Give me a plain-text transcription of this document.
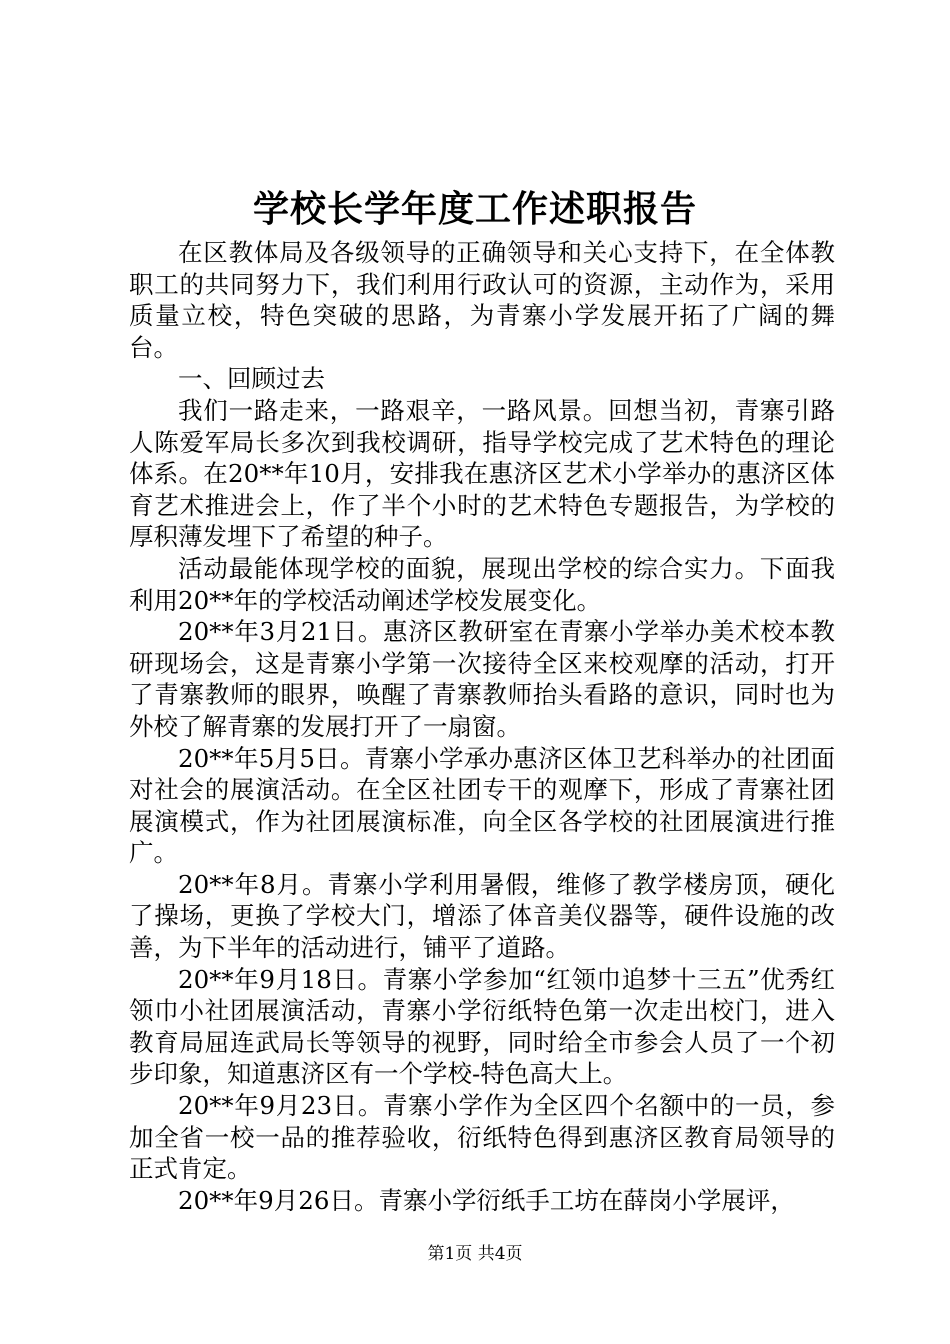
学校长学年度工作述职报告

在区教体局及各级领导的正确领导和关心支持下，在全体教职工的共同努力下，我们利用行政认可的资源，主动作为，采用质量立校，特色突破的思路，为青寨小学发展开拓了广阔的舞台。

一、回顾过去

我们一路走来，一路艰辛，一路风景。回想当初，青寨引路人陈爱军局长多次到我校调研，指导学校完成了艺术特色的理论体系。在20**年10月，安排我在惠济区艺术小学举办的惠济区体育艺术推进会上，作了半个小时的艺术特色专题报告，为学校的厚积薄发埋下了希望的种子。

活动最能体现学校的面貌，展现出学校的综合实力。下面我利用20**年的学校活动阐述学校发展变化。

20**年3月21日。惠济区教研室在青寨小学举办美术校本教研现场会，这是青寨小学第一次接待全区来校观摩的活动，打开了青寨教师的眼界，唤醒了青寨教师抬头看路的意识，同时也为外校了解青寨的发展打开了一扇窗。

20**年5月5日。青寨小学承办惠济区体卫艺科举办的社团面对社会的展演活动。在全区社团专干的观摩下，形成了青寨社团展演模式，作为社团展演标准，向全区各学校的社团展演进行推广。

20**年8月。青寨小学利用暑假，维修了教学楼房顶，硬化了操场，更换了学校大门，增添了体音美仪器等，硬件设施的改善，为下半年的活动进行，铺平了道路。

20**年9月18日。青寨小学参加“红领巾追梦十三五”优秀红领巾小社团展演活动，青寨小学衍纸特色第一次走出校门，进入教育局屈连武局长等领导的视野，同时给全市参会人员了一个初步印象，知道惠济区有一个学校-特色高大上。

20**年9月23日。青寨小学作为全区四个名额中的一员，参加全省一校一品的推荐验收，衍纸特色得到惠济区教育局领导的正式肯定。

20**年9月26日。青寨小学衍纸手工坊在薛岗小学展评，

第1页 共4页
